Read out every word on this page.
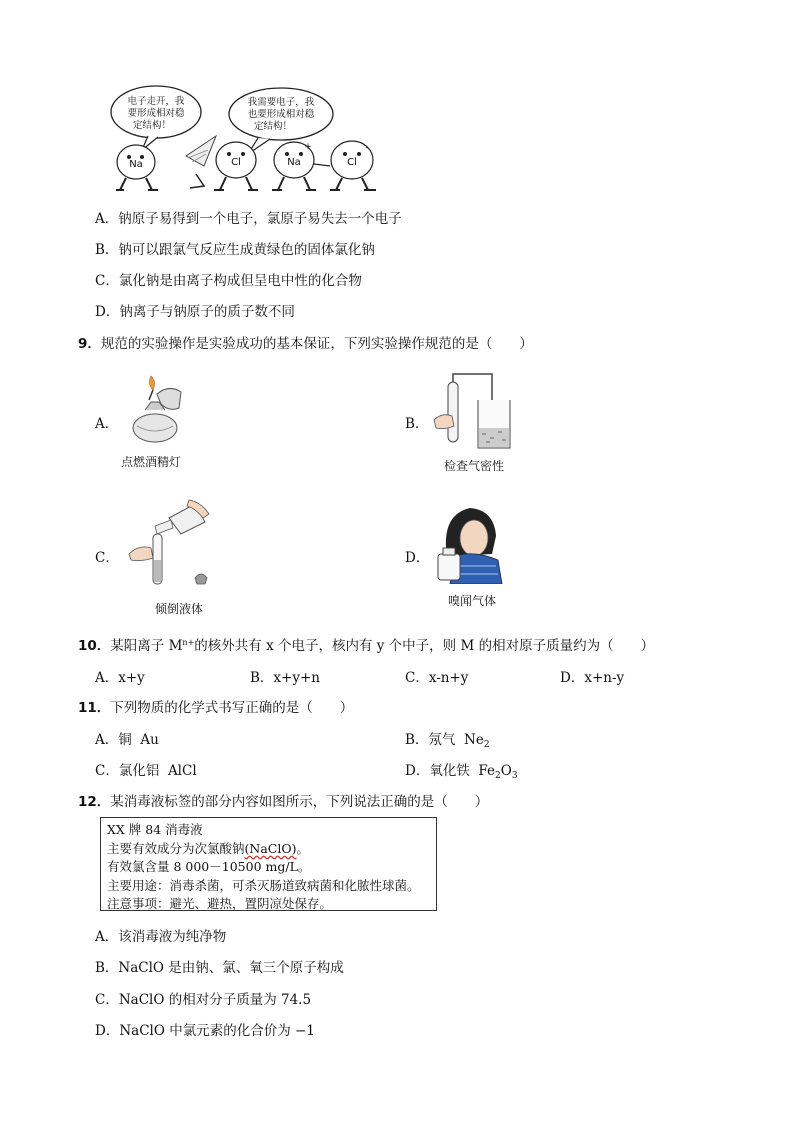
电子走开，我
要形成相对稳
定结构！
我需要电子，我
也要形成相对稳
定结构！
Na	Cl	Na
+
Cl
-
A．钠原子易得到一个电子，氯原子易失去一个电子
B．钠可以跟氯气反应生成黄绿色的固体氯化钠
C．氯化钠是由离子构成但呈电中性的化合物
D．钠离子与钠原子的质子数不同
9．规范的实验操作是实验成功的基本保证，下列实验操作规范的是（　　）
A．
点燃酒精灯
B．
检查气密性
C．
倾倒液体
D．
嗅闻气体
10．某阳离子 $M^{n+}$的核外共有 x 个电子，核内有 y 个中子，则 M 的相对原子质量约为（　　）
A．x+y	B．x+y+n	C．x-n+y	D．x+n-y
11．下列物质的化学式书写正确的是（　　）
A．铜 Au	B．氖气 $Ne_2$
C．氯化铝 AlCl	D．氧化铁 $Fe_2O_3$
12．某消毒液标签的部分内容如图所示，下列说法正确的是（　　）
XX 牌 84 消毒液
主要有效成分为次氯酸钠(NaClO)。
有效氯含量 8 000－10500 mg/L。
主要用途：消毒杀菌，可杀灭肠道致病菌和化脓性球菌。
注意事项：避光、避热，置阴凉处保存。
A．该消毒液为纯净物
B．NaClO 是由钠、氯、氧三个原子构成
C．NaClO 的相对分子质量为 74.5
D．NaClO 中氯元素的化合价为 −1
